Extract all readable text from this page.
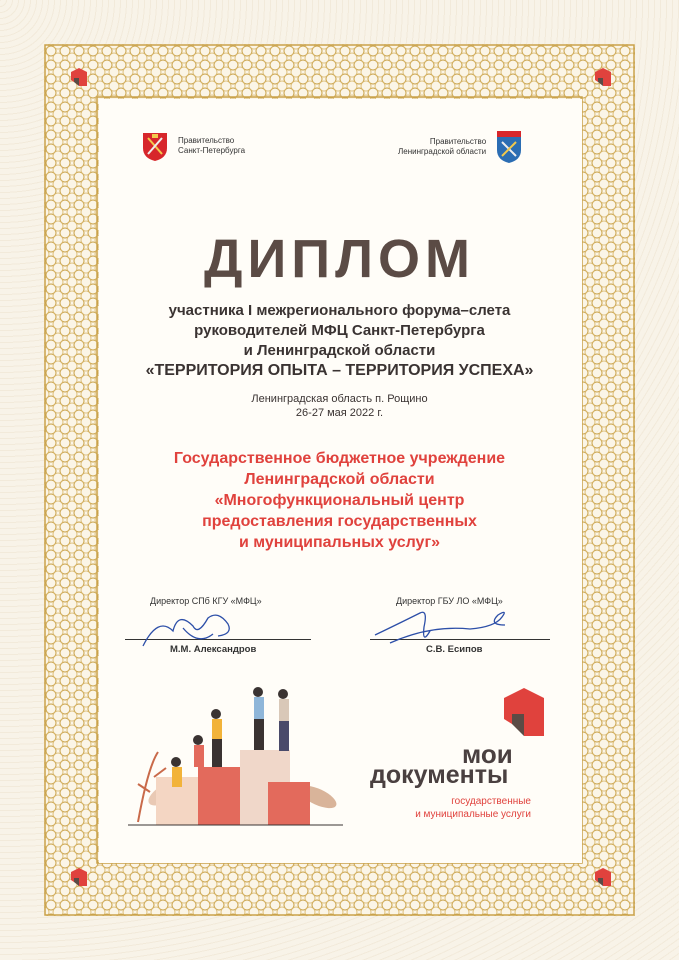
Правительство
Санкт-Петербурга
Правительство
Ленинградской области
ДИПЛОМ
участника I межрегионального форума–слета
руководителей МФЦ Санкт-Петербурга
и Ленинградской области
«ТЕРРИТОРИЯ ОПЫТА – ТЕРРИТОРИЯ УСПЕХА»
Ленинградская область п. Рощино
26-27 мая 2022 г.
Государственное бюджетное учреждение
Ленинградской области
«Многофункциональный центр
предоставления государственных
и муниципальных услуг»
Директор СПб КГУ «МФЦ»
М.М. Александров
Директор ГБУ ЛО «МФЦ»
С.В. Есипов
мои
документы
государственные
и муниципальные услуги
